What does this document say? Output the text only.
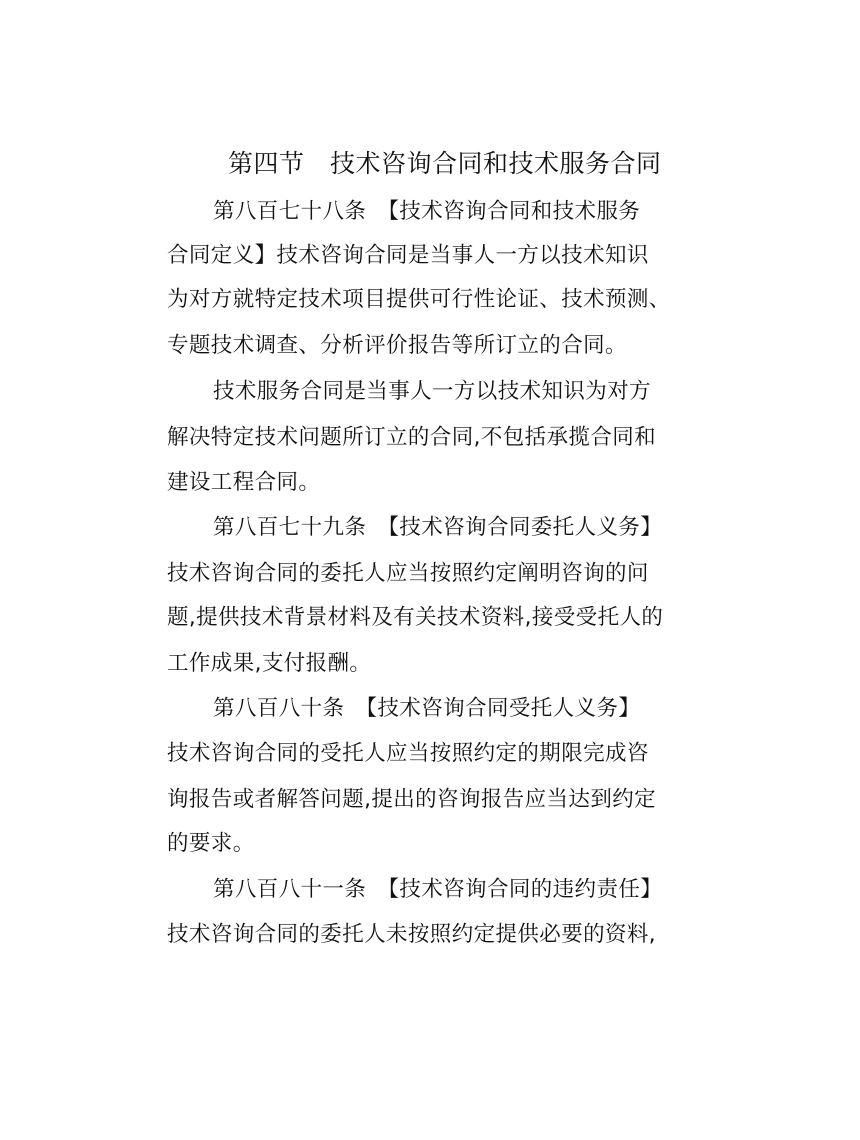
第四节　技术咨询合同和技术服务合同
第八百七十八条　【技术咨询合同和技术服务
合同定义】技术咨询合同是当事人一方以技术知识
为对方就特定技术项目提供可行性论证、技术预测、
专题技术调查、分析评价报告等所订立的合同。
技术服务合同是当事人一方以技术知识为对方
解决特定技术问题所订立的合同,不包括承揽合同和
建设工程合同。
第八百七十九条　【技术咨询合同委托人义务】
技术咨询合同的委托人应当按照约定阐明咨询的问
题,提供技术背景材料及有关技术资料,接受受托人的
工作成果,支付报酬。
第八百八十条　【技术咨询合同受托人义务】
技术咨询合同的受托人应当按照约定的期限完成咨
询报告或者解答问题,提出的咨询报告应当达到约定
的要求。
第八百八十一条　【技术咨询合同的违约责任】
技术咨询合同的委托人未按照约定提供必要的资料,
